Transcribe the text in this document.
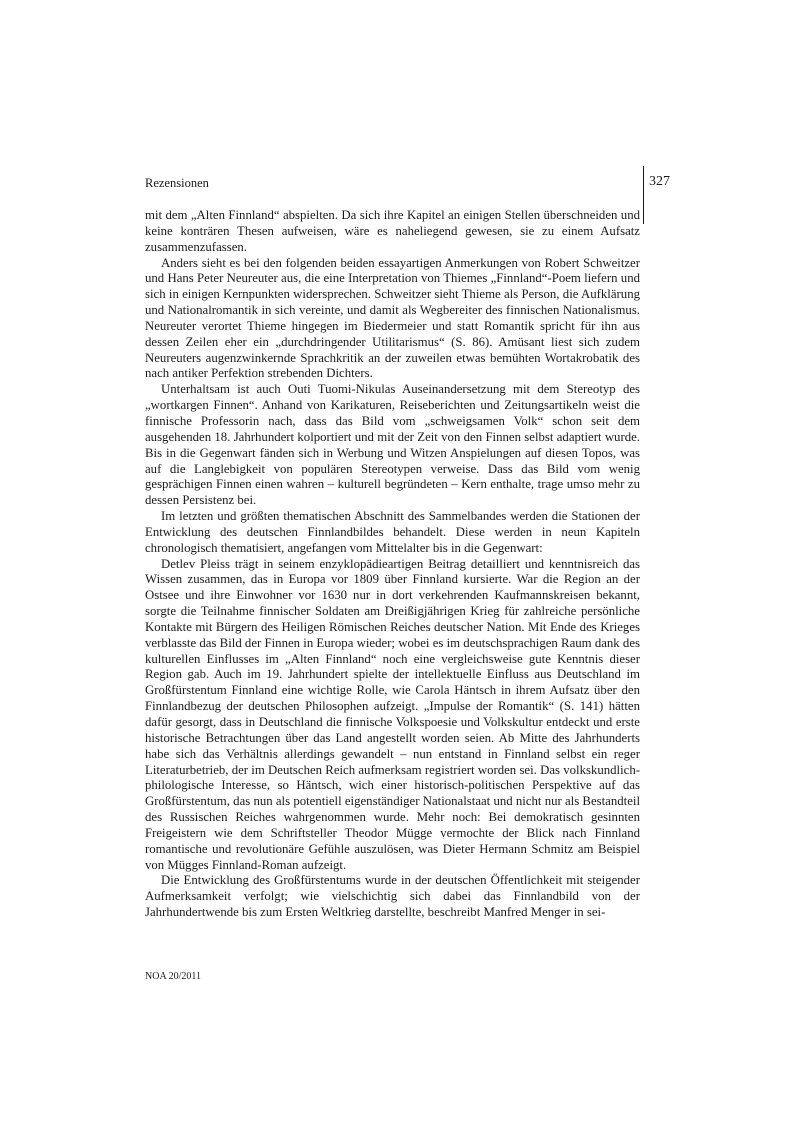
Rezensionen	327

mit dem „Alten Finnland“ abspielten. Da sich ihre Kapitel an einigen Stellen überschneiden und keine konträren Thesen aufweisen, wäre es naheliegend gewesen, sie zu einem Aufsatz zusammenzufassen.

Anders sieht es bei den folgenden beiden essayartigen Anmerkungen von Robert Schweitzer und Hans Peter Neureuter aus, die eine Interpretation von Thiemes „Finnland“-Poem liefern und sich in einigen Kernpunkten widersprechen. Schweitzer sieht Thieme als Person, die Aufklärung und Nationalromantik in sich vereinte, und damit als Wegbereiter des finnischen Nationalismus. Neureuter verortet Thieme hingegen im Biedermeier und statt Romantik spricht für ihn aus dessen Zeilen eher ein „durchdringender Utilitarismus“ (S. 86). Amüsant liest sich zudem Neureuters augenzwinkernde Sprachkritik an der zuweilen etwas bemühten Wortakrobatik des nach antiker Perfektion strebenden Dichters.

Unterhaltsam ist auch Outi Tuomi-Nikulas Auseinandersetzung mit dem Stereotyp des „wortkargen Finnen“. Anhand von Karikaturen, Reiseberichten und Zeitungsartikeln weist die finnische Professorin nach, dass das Bild vom „schweigsamen Volk“ schon seit dem ausgehenden 18. Jahrhundert kolportiert und mit der Zeit von den Finnen selbst adaptiert wurde. Bis in die Gegenwart fänden sich in Werbung und Witzen Anspielungen auf diesen Topos, was auf die Langlebigkeit von populären Stereotypen verweise. Dass das Bild vom wenig gesprächigen Finnen einen wahren – kulturell begründeten – Kern enthalte, trage umso mehr zu dessen Persistenz bei.

Im letzten und größten thematischen Abschnitt des Sammelbandes werden die Stationen der Entwicklung des deutschen Finnlandbildes behandelt. Diese werden in neun Kapiteln chronologisch thematisiert, angefangen vom Mittelalter bis in die Gegenwart:

Detlev Pleiss trägt in seinem enzyklopädieartigen Beitrag detailliert und kenntnisreich das Wissen zusammen, das in Europa vor 1809 über Finnland kursierte. War die Region an der Ostsee und ihre Einwohner vor 1630 nur in dort verkehrenden Kaufmannskreisen bekannt, sorgte die Teilnahme finnischer Soldaten am Dreißigjährigen Krieg für zahlreiche persönliche Kontakte mit Bürgern des Heiligen Römischen Reiches deutscher Nation. Mit Ende des Krieges verblasste das Bild der Finnen in Europa wieder; wobei es im deutschsprachigen Raum dank des kulturellen Einflusses im „Alten Finnland“ noch eine vergleichsweise gute Kenntnis dieser Region gab. Auch im 19. Jahrhundert spielte der intellektuelle Einfluss aus Deutschland im Großfürstentum Finnland eine wichtige Rolle, wie Carola Häntsch in ihrem Aufsatz über den Finnlandbezug der deutschen Philosophen aufzeigt. „Impulse der Romantik“ (S. 141) hätten dafür gesorgt, dass in Deutschland die finnische Volkspoesie und Volkskultur entdeckt und erste historische Betrachtungen über das Land angestellt worden seien. Ab Mitte des Jahrhunderts habe sich das Verhältnis allerdings gewandelt – nun entstand in Finnland selbst ein reger Literaturbetrieb, der im Deutschen Reich aufmerksam registriert worden sei. Das volkskundlich-philologische Interesse, so Häntsch, wich einer historisch-politischen Perspektive auf das Großfürstentum, das nun als potentiell eigenständiger Nationalstaat und nicht nur als Bestandteil des Russischen Reiches wahrgenommen wurde. Mehr noch: Bei demokratisch gesinnten Freigeistern wie dem Schriftsteller Theodor Mügge vermochte der Blick nach Finnland romantische und revolutionäre Gefühle auszulösen, was Dieter Hermann Schmitz am Beispiel von Mügges Finnland-Roman aufzeigt.

Die Entwicklung des Großfürstentums wurde in der deutschen Öffentlichkeit mit steigender Aufmerksamkeit verfolgt; wie vielschichtig sich dabei das Finnlandbild von der Jahrhundertwende bis zum Ersten Weltkrieg darstellte, beschreibt Manfred Menger in sei-

NOA 20/2011
